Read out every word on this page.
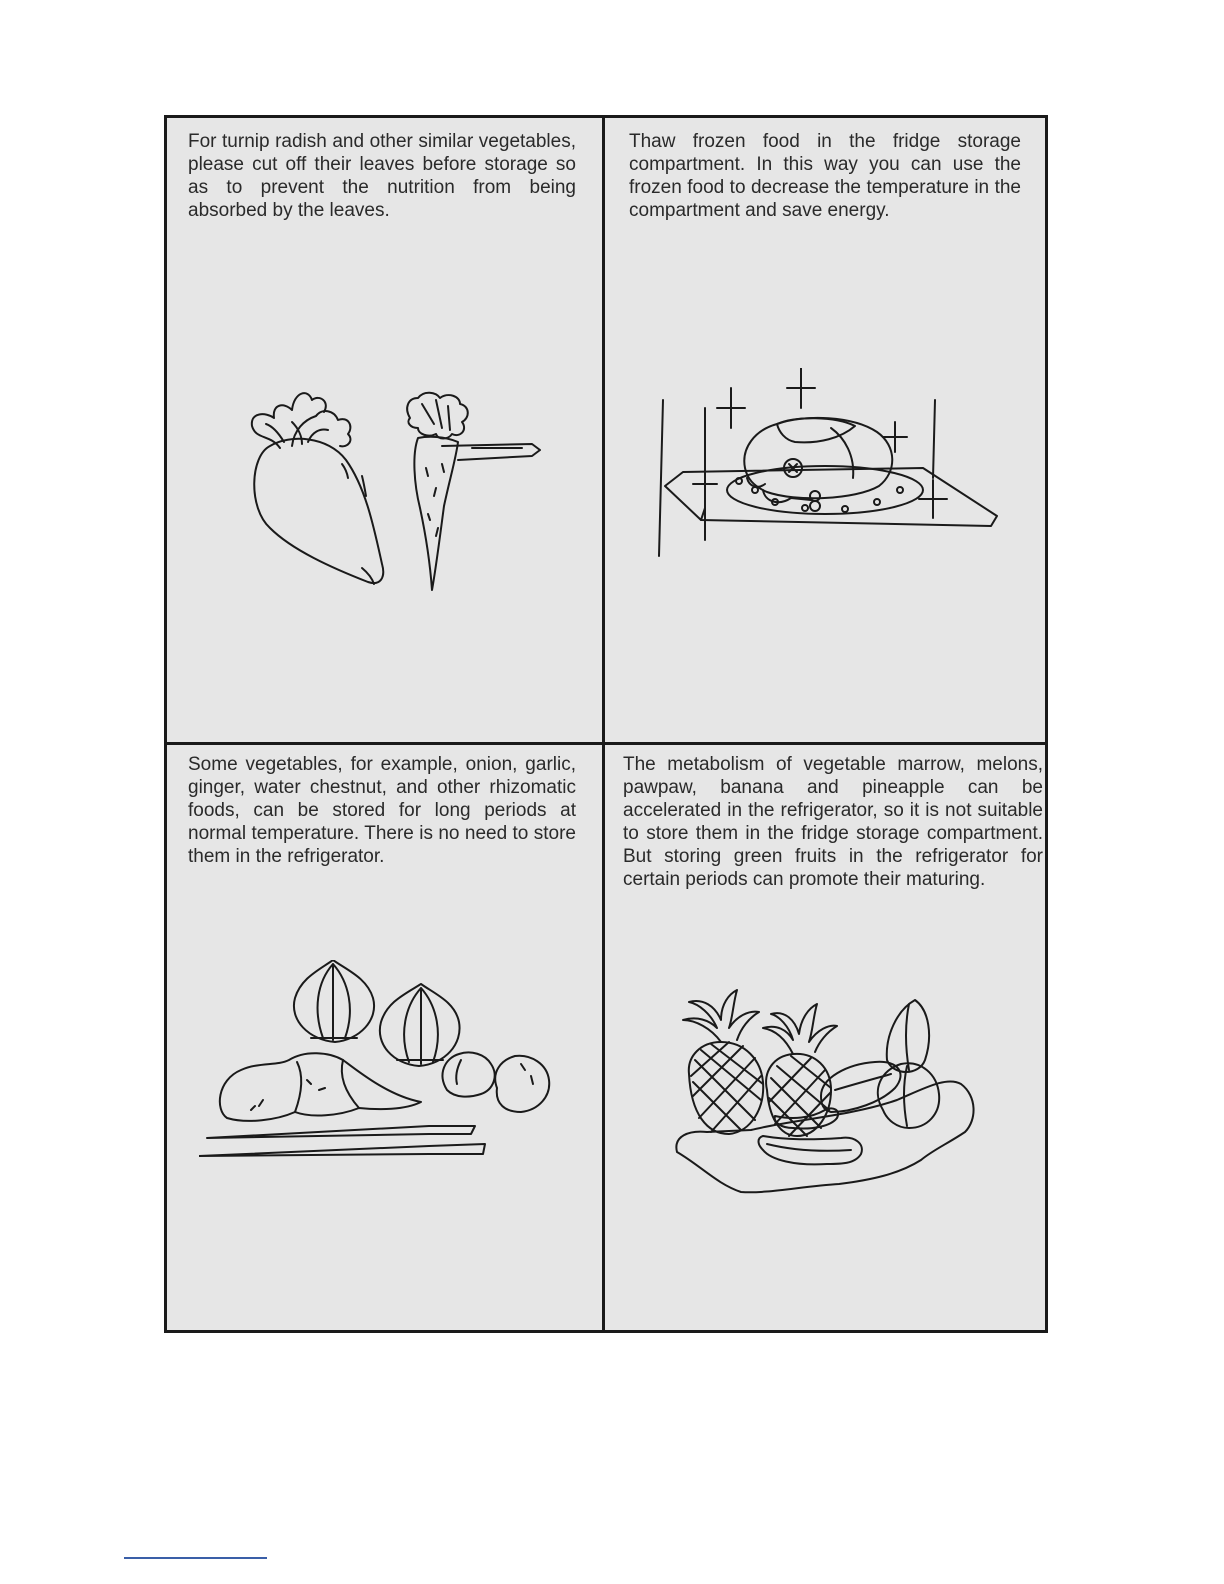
For turnip radish and other similar vegetables, please cut off their leaves before storage so as to prevent the nutrition from being absorbed by the leaves.

Thaw frozen food in the fridge storage compartment. In this way you can use the frozen food to decrease the temperature in the compartment and save energy.

Some vegetables, for example, onion, garlic, ginger, water chestnut, and other rhizomatic foods, can be stored for long periods at normal temperature. There is no need to store them in the refrigerator.

The metabolism of vegetable marrow, melons, pawpaw, banana and pineapple can be accelerated in the refrigerator, so it is not suitable to store them in the fridge storage compartment. But storing green fruits in the refrigerator for certain periods can promote their maturing.
